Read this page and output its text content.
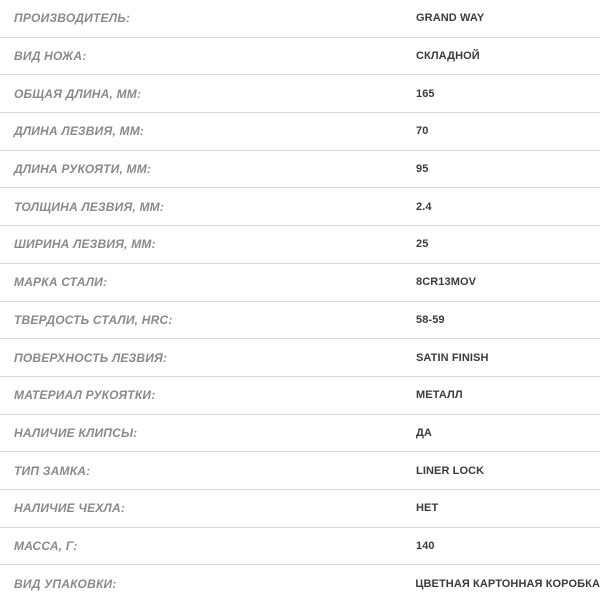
ПРОИЗВОДИТЕЛЬ:	GRAND WAY
ВИД НОЖА:	СКЛАДНОЙ
ОБЩАЯ ДЛИНА, ММ:	165
ДЛИНА ЛЕЗВИЯ, ММ:	70
ДЛИНА РУКОЯТИ, ММ:	95
ТОЛЩИНА ЛЕЗВИЯ, ММ:	2.4
ШИРИНА ЛЕЗВИЯ, ММ:	25
МАРКА СТАЛИ:	8CR13MOV
ТВЕРДОСТЬ СТАЛИ, HRC:	58-59
ПОВЕРХНОСТЬ ЛЕЗВИЯ:	SATIN FINISH
МАТЕРИАЛ РУКОЯТКИ:	МЕТАЛЛ
НАЛИЧИЕ КЛИПСЫ:	ДА
ТИП ЗАМКА:	LINER LOCK
НАЛИЧИЕ ЧЕХЛА:	НЕТ
МАССА, Г:	140
ВИД УПАКОВКИ:	ЦВЕТНАЯ КАРТОННАЯ КОРОБКА
